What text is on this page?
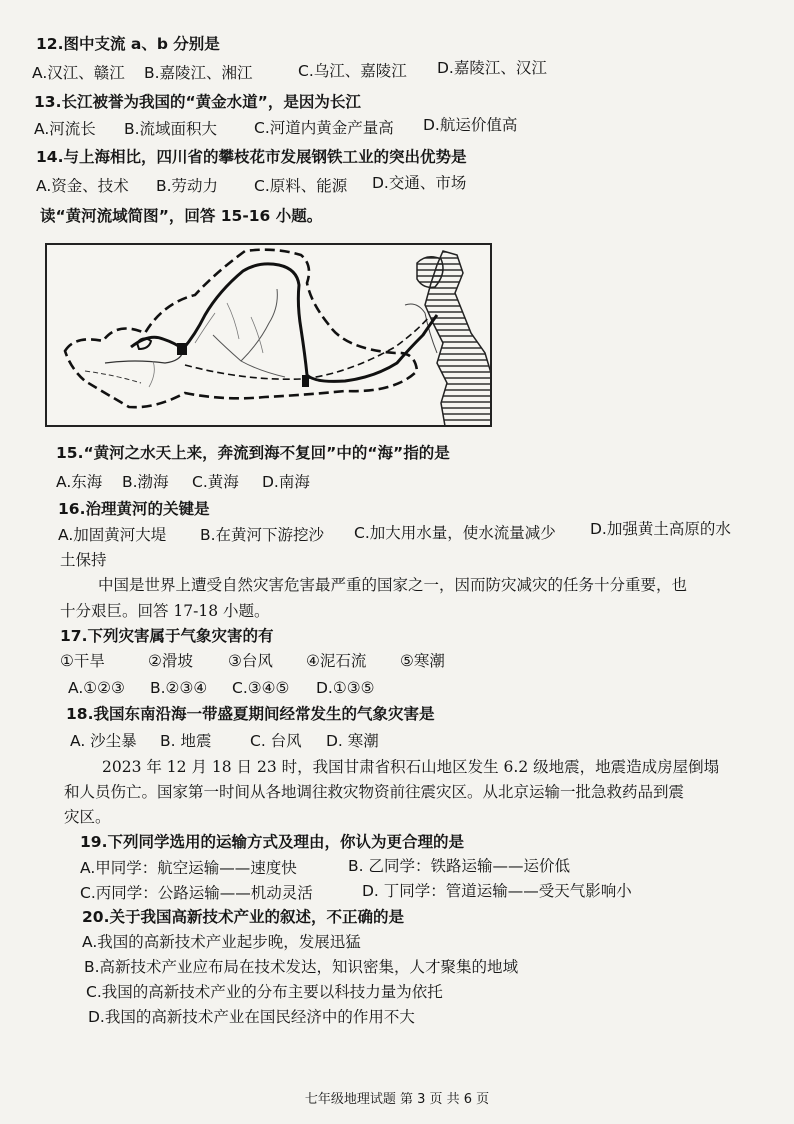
12.图中支流 a、b 分别是
A.汉江、赣江 B.嘉陵江、湘江	C.乌江、嘉陵江 D.嘉陵江、汉江
13.长江被誉为我国的“黄金水道”，是因为长江
A.河流长 B.流域面积大 C.河道内黄金产量高 D.航运价值高
14.与上海相比，四川省的攀枝花市发展钢铁工业的突出优势是
A.资金、技术 B.劳动力 C.原料、能源 D.交通、市场
读“黄河流域简图”，回答 15-16 小题。
15.“黄河之水天上来，奔流到海不复回”中的“海”指的是
A.东海 B.渤海 C.黄海 D.南海
16.治理黄河的关键是
A.加固黄河大堤 B.在黄河下游挖沙 C.加大用水量，使水流量减少 D.加强黄土高原的水
土保持
中国是世界上遭受自然灾害危害最严重的国家之一，因而防灾减灾的任务十分重要，也
十分艰巨。回答 17-18 小题。
17.下列灾害属于气象灾害的有
①干旱	②滑坡 ③台风 ④泥石流 ⑤寒潮
A.①②③ B.②③④ C.③④⑤ D.①③⑤
18.我国东南沿海一带盛夏期间经常发生的气象灾害是
A. 沙尘暴 B. 地震 C. 台风 D. 寒潮
2023 年 12 月 18 日 23 时，我国甘肃省积石山地区发生 6.2 级地震，地震造成房屋倒塌
和人员伤亡。国家第一时间从各地调往救灾物资前往震灾区。从北京运输一批急救药品到震
灾区。
19.下列同学选用的运输方式及理由，你认为更合理的是
A.甲同学：航空运输——速度快	B. 乙同学：铁路运输——运价低
C.丙同学：公路运输——机动灵活	D. 丁同学：管道运输——受天气影响小
20.关于我国高新技术产业的叙述，不正确的是
A.我国的高新技术产业起步晚，发展迅猛
B.高新技术产业应布局在技术发达，知识密集，人才聚集的地域
C.我国的高新技术产业的分布主要以科技力量为依托
D.我国的高新技术产业在国民经济中的作用不大
七年级地理试题 第 3 页 共 6 页
